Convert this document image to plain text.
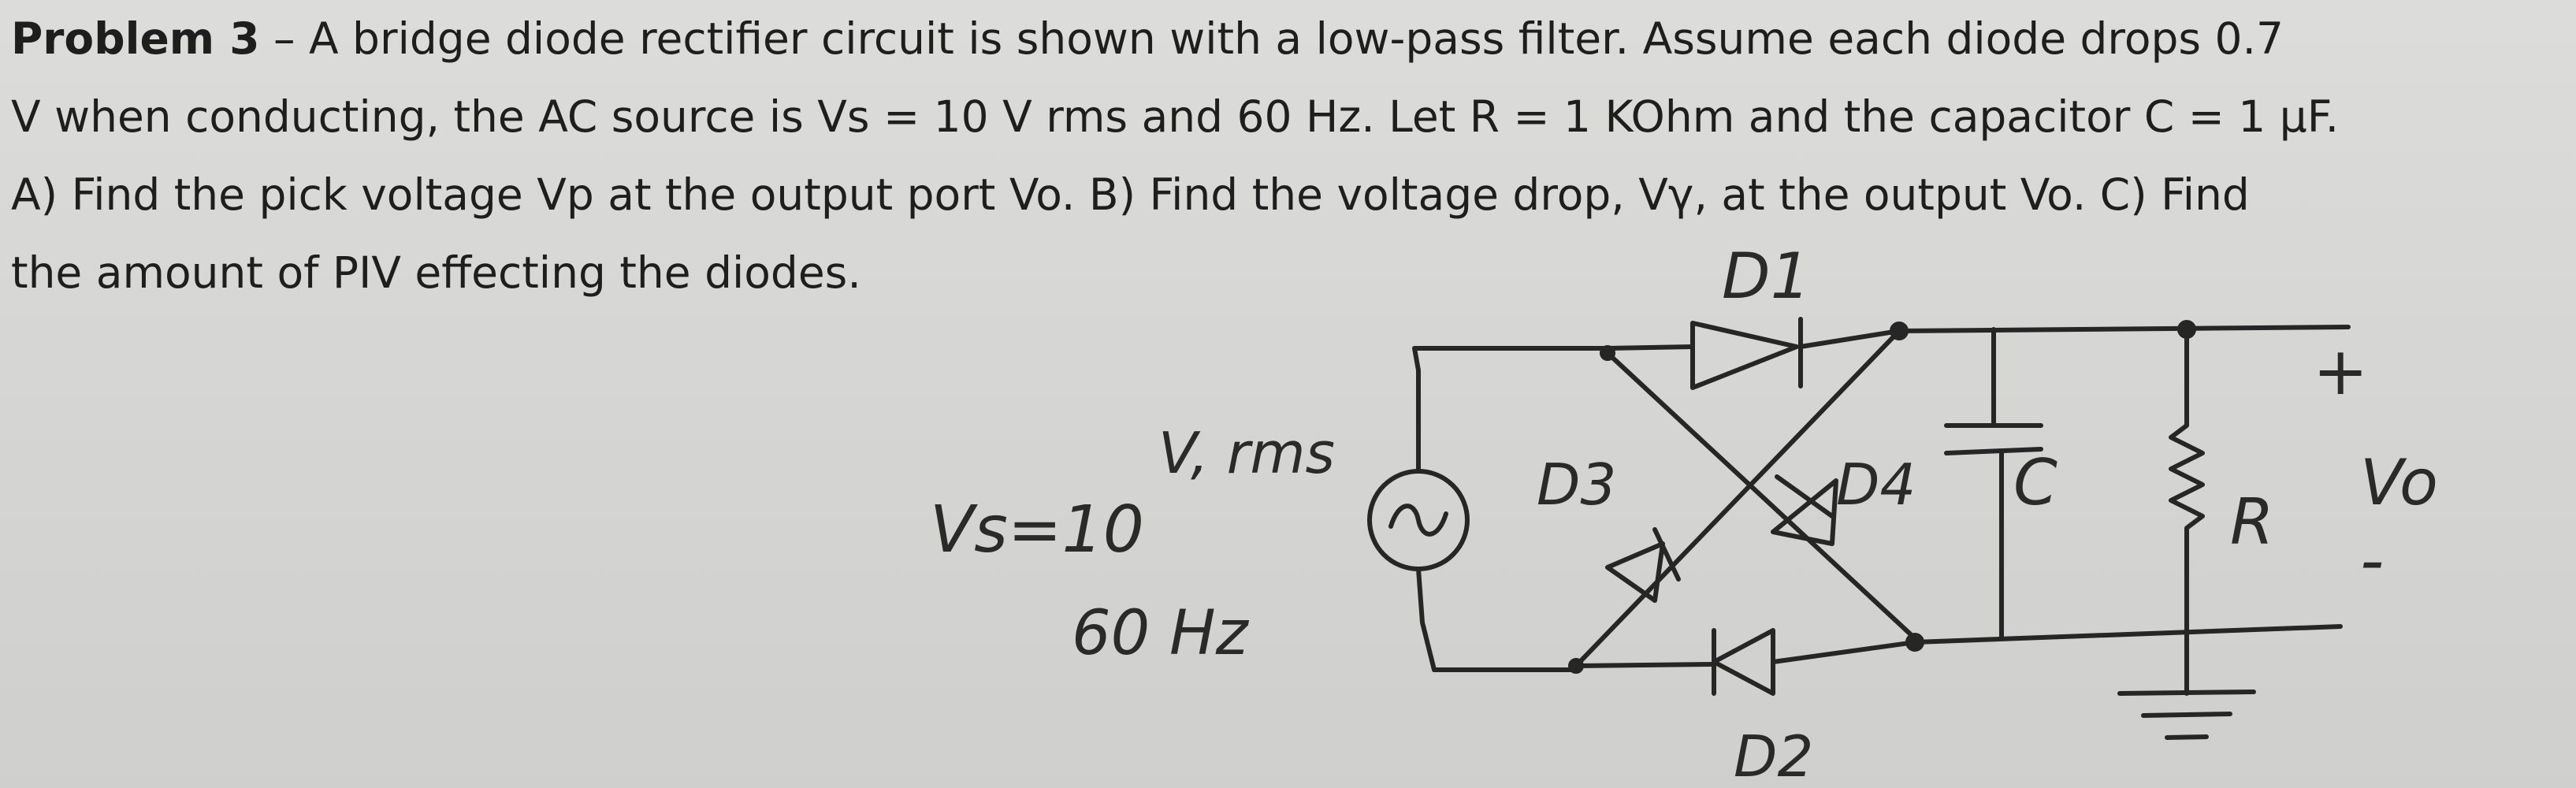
Problem 3 – A bridge diode rectifier circuit is shown with a low-pass filter. Assume each diode drops 0.7
V when conducting, the AC source is Vs = 10 V rms and 60 Hz. Let R = 1 KOhm and the capacitor C = 1 μF.
A) Find the pick voltage Vp at the output port Vo. B) Find the voltage drop, Vγ, at the output Vo. C) Find
the amount of PIV effecting the diodes.
Vs=10
V, rms
60 Hz
D1
D3	D4
D2
C
R
+
-
Vo
